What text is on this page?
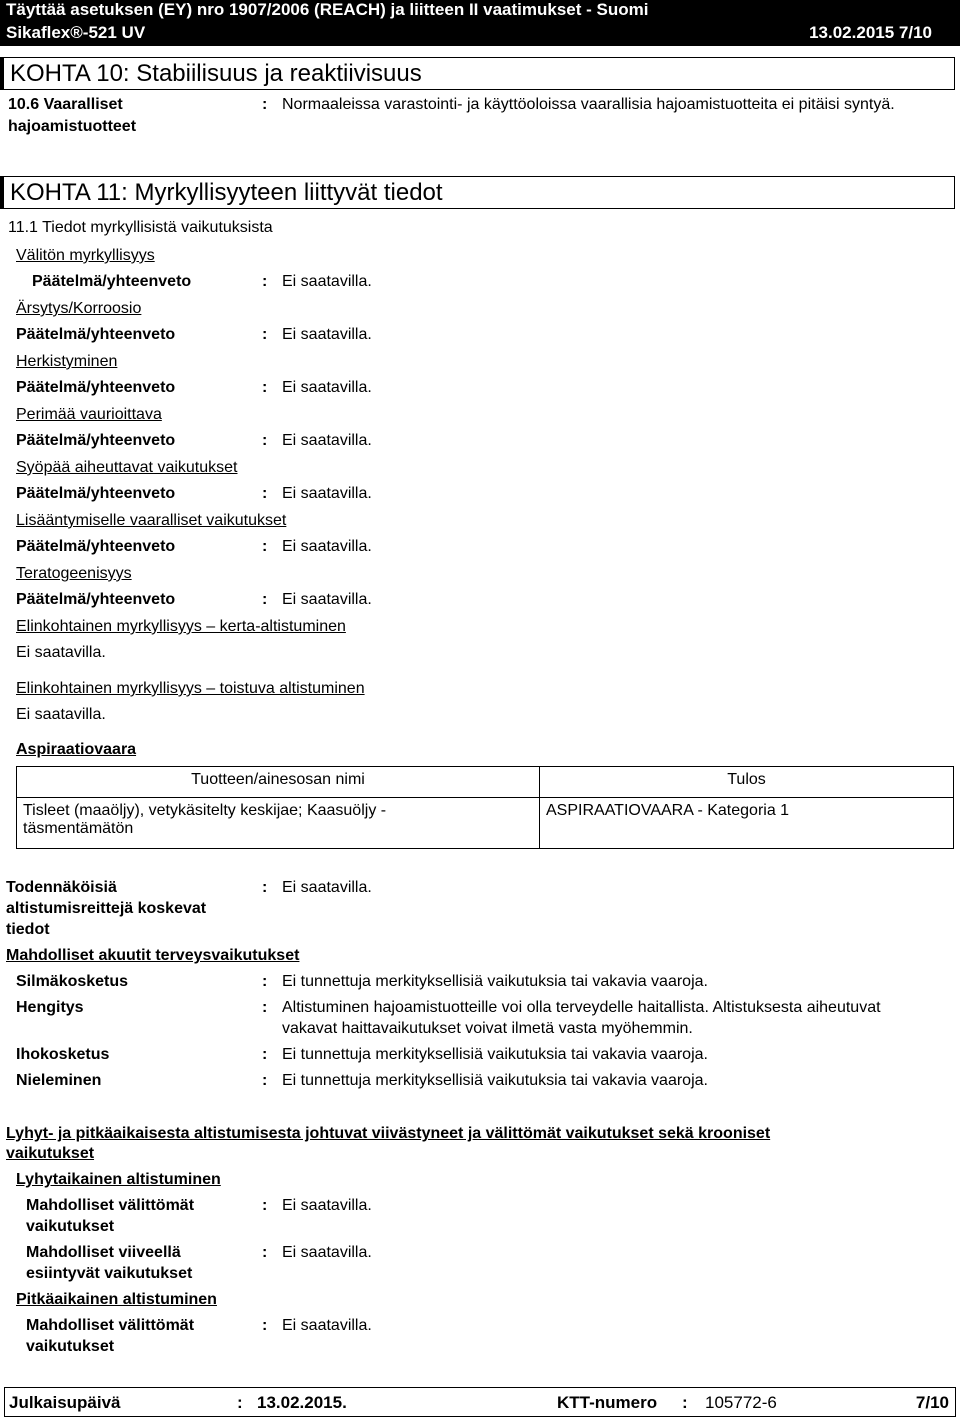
Täyttää asetuksen (EY) nro 1907/2006 (REACH) ja liitteen II vaatimukset - Suomi
Sikaflex®-521 UV	13.02.2015 7/10
KOHTA 10: Stabiilisuus ja reaktiivisuus
10.6 Vaaralliset
hajoamistuotteet
: Normaaleissa varastointi- ja käyttöoloissa vaarallisia hajoamistuotteita ei pitäisi syntyä.
KOHTA 11: Myrkyllisyyteen liittyvät tiedot
11.1 Tiedot myrkyllisistä vaikutuksista
Välitön myrkyllisyys
Päätelmä/yhteenveto	: Ei saatavilla.
Ärsytys/Korroosio
Päätelmä/yhteenveto	: Ei saatavilla.
Herkistyminen
Päätelmä/yhteenveto	: Ei saatavilla.
Perimää vaurioittava
Päätelmä/yhteenveto	: Ei saatavilla.
Syöpää aiheuttavat vaikutukset
Päätelmä/yhteenveto	: Ei saatavilla.
Lisääntymiselle vaaralliset vaikutukset
Päätelmä/yhteenveto	: Ei saatavilla.
Teratogeenisyys
Päätelmä/yhteenveto	: Ei saatavilla.
Elinkohtainen myrkyllisyys – kerta-altistuminen
Ei saatavilla.
Elinkohtainen myrkyllisyys – toistuva altistuminen
Ei saatavilla.
Aspiraatiovaara
Tuotteen/ainesosan nimi	Tulos

Tisleet (maaöljy), vetykäsitelty keskijae; Kaasuöljy -
täsmentämätön	ASPIRAATIOVAARA - Kategoria 1
Todennäköisiä
altistumisreittejä koskevat
tiedot
: Ei saatavilla.
Mahdolliset akuutit terveysvaikutukset
Silmäkosketus	: Ei tunnettuja merkityksellisiä vaikutuksia tai vakavia vaaroja.
Hengitys	: Altistuminen hajoamistuotteille voi olla terveydelle haitallista. Altistuksesta aiheutuvat
vakavat haittavaikutukset voivat ilmetä vasta myöhemmin.
Ihokosketus	: Ei tunnettuja merkityksellisiä vaikutuksia tai vakavia vaaroja.
Nieleminen	: Ei tunnettuja merkityksellisiä vaikutuksia tai vakavia vaaroja.
Lyhyt- ja pitkäaikaisesta altistumisesta johtuvat viivästyneet ja välittömät vaikutukset sekä krooniset
vaikutukset
Lyhytaikainen altistuminen
Mahdolliset välittömät
vaikutukset
: Ei saatavilla.
Mahdolliset viiveellä
esiintyvät vaikutukset
: Ei saatavilla.
Pitkäaikainen altistuminen
Mahdolliset välittömät
vaikutukset
: Ei saatavilla.
Julkaisupäivä	: 13.02.2015.	KTT-numero : 105772-6	7/10
